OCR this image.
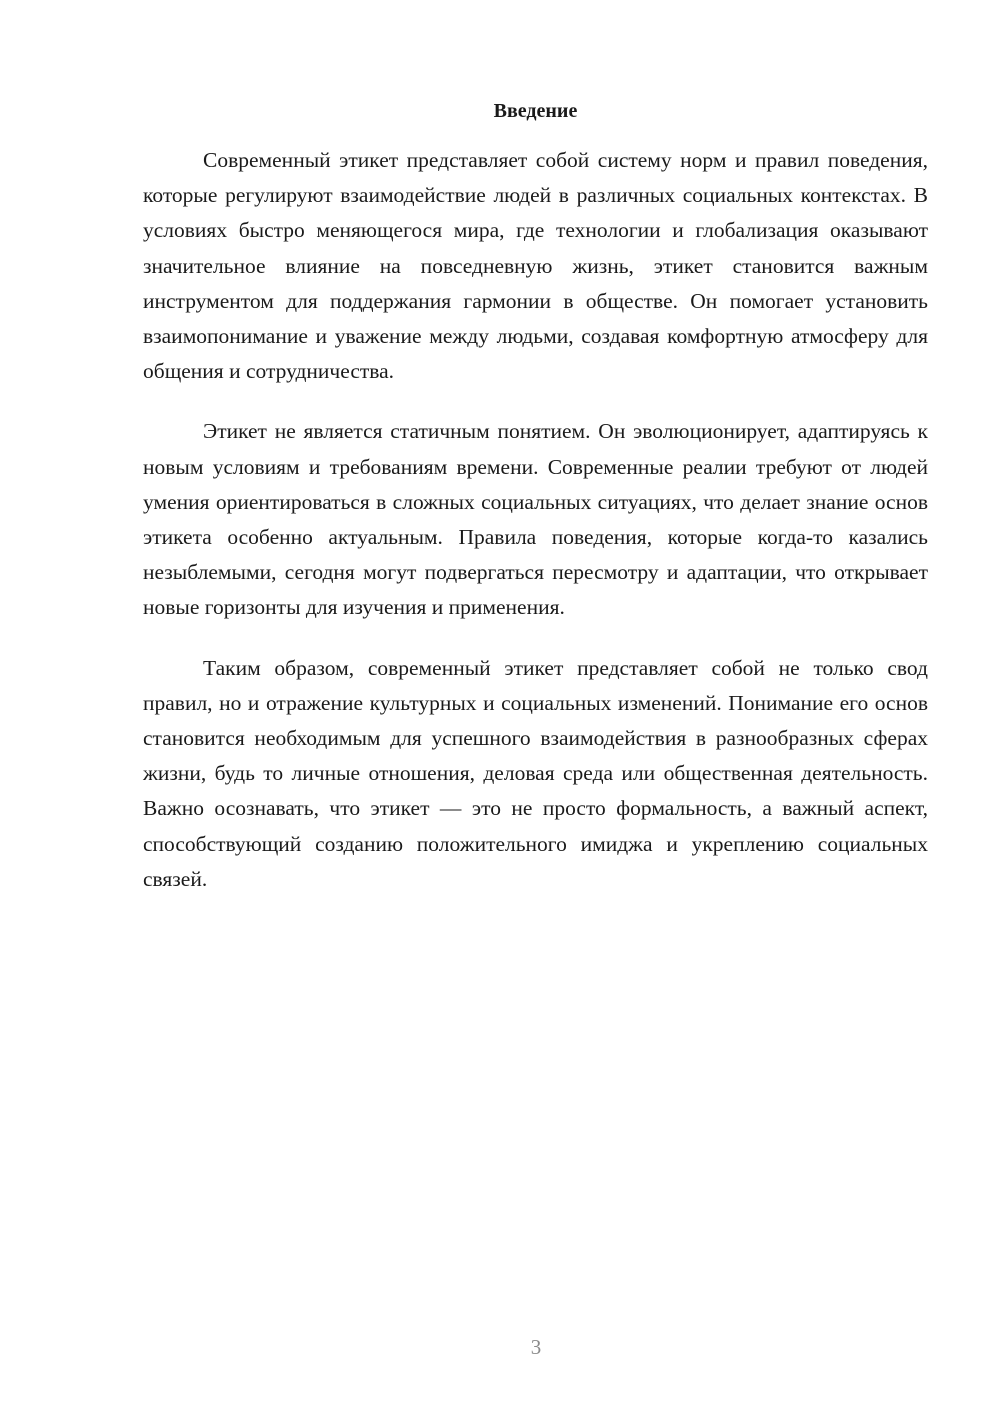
Введение

Современный этикет представляет собой систему норм и правил поведения, которые регулируют взаимодействие людей в различных социальных контекстах. В условиях быстро меняющегося мира, где технологии и глобализация оказывают значительное влияние на повседневную жизнь, этикет становится важным инструментом для поддержания гармонии в обществе. Он помогает установить взаимопонимание и уважение между людьми, создавая комфортную атмосферу для общения и сотрудничества.

Этикет не является статичным понятием. Он эволюционирует, адаптируясь к новым условиям и требованиям времени. Современные реалии требуют от людей умения ориентироваться в сложных социальных ситуациях, что делает знание основ этикета особенно актуальным. Правила поведения, которые когда-то казались незыблемыми, сегодня могут подвергаться пересмотру и адаптации, что открывает новые горизонты для изучения и применения.

Таким образом, современный этикет представляет собой не только свод правил, но и отражение культурных и социальных изменений. Понимание его основ становится необходимым для успешного взаимодействия в разнообразных сферах жизни, будь то личные отношения, деловая среда или общественная деятельность. Важно осознавать, что этикет — это не просто формальность, а важный аспект, способствующий созданию положительного имиджа и укреплению социальных связей.

3
